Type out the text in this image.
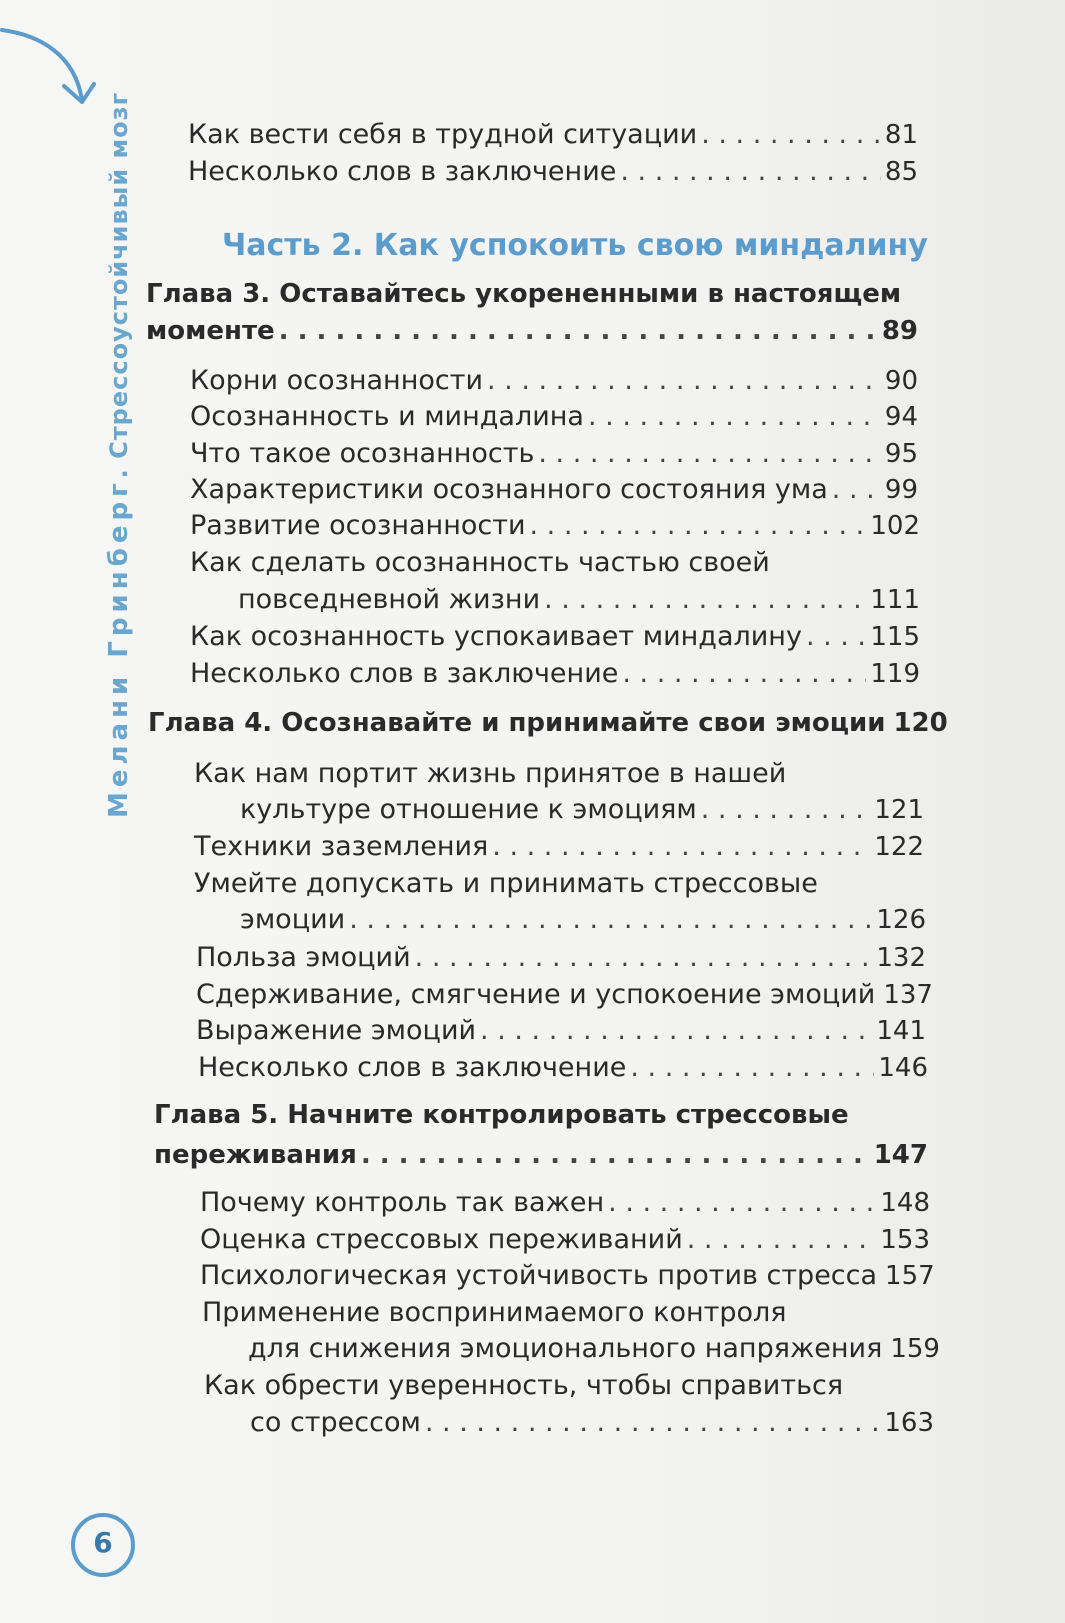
Мелани Гринберг. Стрессоустойчивый мозг
6
Как вести себя в трудной ситуации . . .	81
Несколько слов в заключение . . .	85
Часть 2. Как успокоить свою миндалину
Глава 3. Оставайтесь укорененными в настоящем
моменте . . .	89
Корни осознанности . . .	90
Осознанность и миндалина . . .	94
Что такое осознанность . . .	95
Характеристики осознанного состояния ума . . . 99
Развитие осознанности . . .	102
Как сделать осознанность частью своей
повседневной жизни . . .	111
Как осознанность успокаивает миндалину . . .	115
Несколько слов в заключение . . .	119
Глава 4. Осознавайте и принимайте свои эмоции 120
Как нам портит жизнь принятое в нашей
культуре отношение к эмоциям . . .	121
Техники заземления . . .	122
Умейте допускать и принимать стрессовые
эмоции . . .	126
Польза эмоций . . .	132
Сдерживание, смягчение и успокоение эмоций 137
Выражение эмоций . . .	141
Несколько слов в заключение . . .	146
Глава 5. Начните контролировать стрессовые
переживания . . .	147
Почему контроль так важен . . .	148
Оценка стрессовых переживаний . . .	153
Психологическая устойчивость против стресса 157
Применение воспринимаемого контроля
для снижения эмоционального напряжения 159
Как обрести уверенность, чтобы справиться
со стрессом . . .	163
